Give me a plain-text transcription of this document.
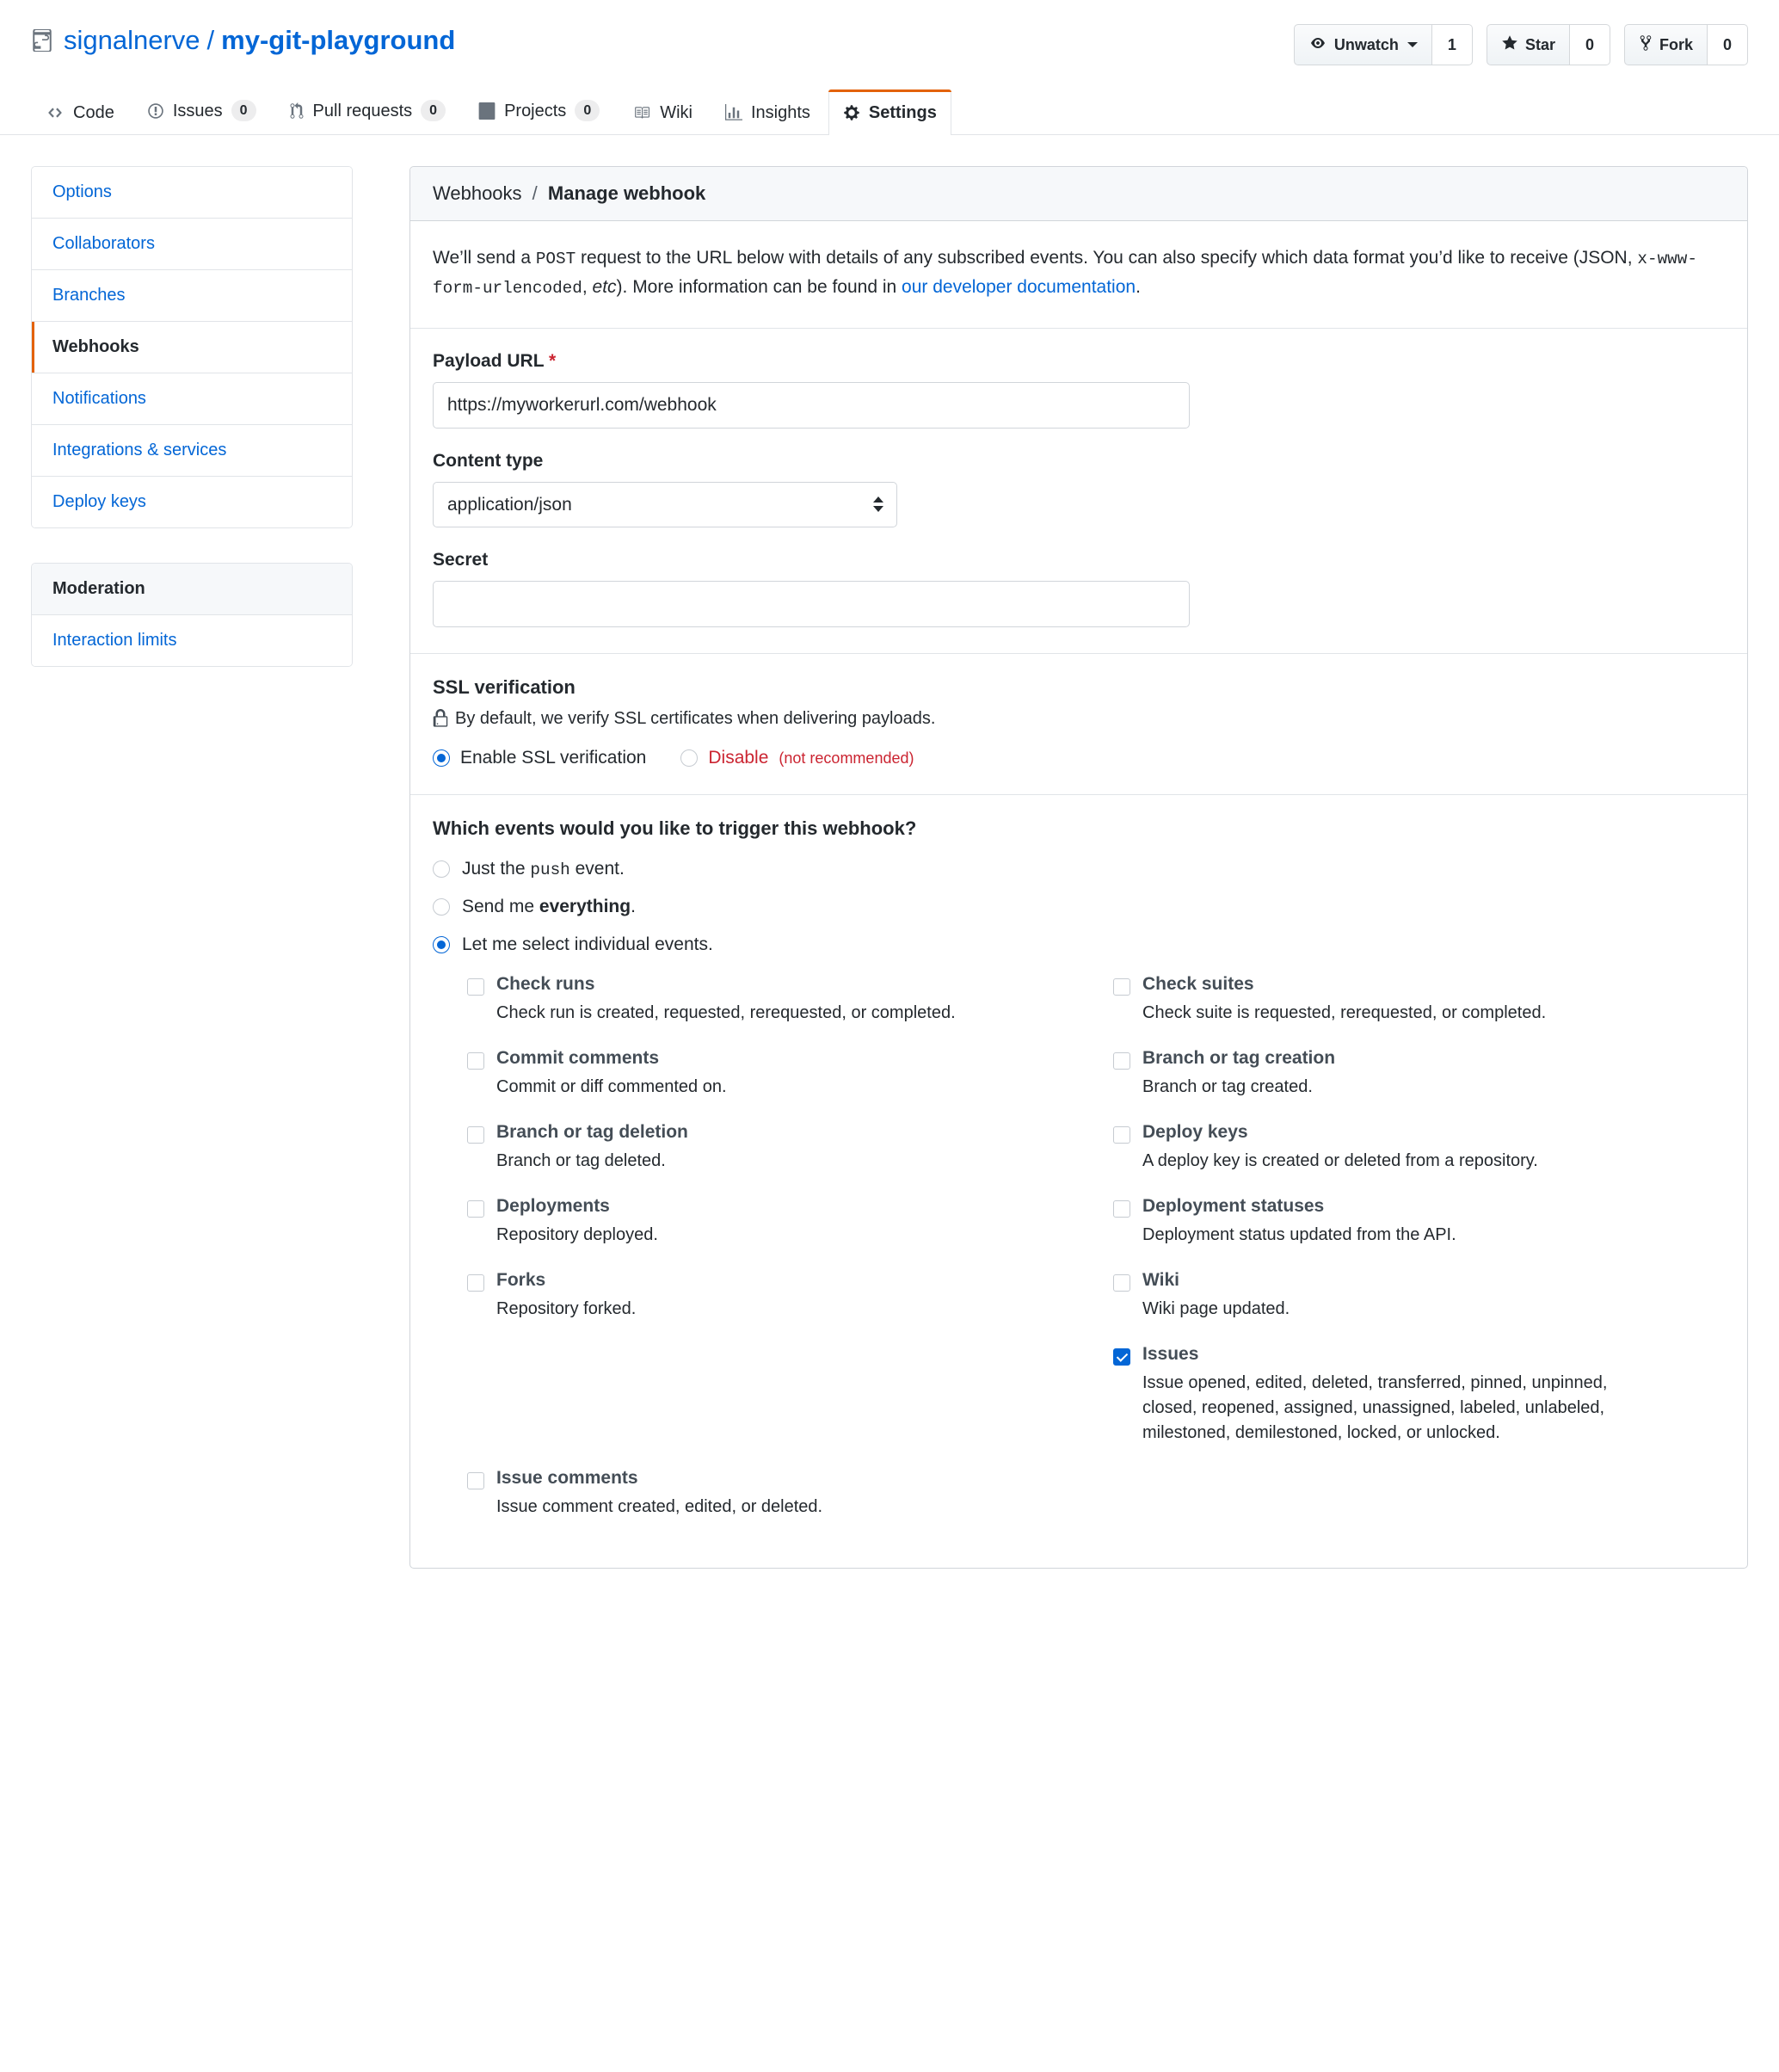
signalnerve / my-git-playground	Unwatch	1	Star	0	Fork	0
Code	Issues	0	Pull requests	0	Projects	0	Wiki	Insights	Settings
Options
Collaborators
Branches
Webhooks
Notifications
Integrations & services
Deploy keys
Moderation
Interaction limits
Webhooks / Manage webhook

We’ll send a POST request to the URL below with details of any subscribed events. You can also specify which data format you’d like to receive (JSON, x-www-form-urlencoded, etc). More information can be found in our developer documentation.

Payload URL *
https://myworkerurl.com/webhook
Content type
application/json
Secret
SSL verification
By default, we verify SSL certificates when delivering payloads.
Enable SSL verification	Disable (not recommended)
Which events would you like to trigger this webhook?
Just the push event.
Send me everything.
Let me select individual events.
Check runs
Check run is created, requested, rerequested, or completed.
Check suites
Check suite is requested, rerequested, or completed.
Commit comments
Commit or diff commented on.
Branch or tag creation
Branch or tag created.
Branch or tag deletion
Branch or tag deleted.
Deploy keys
A deploy key is created or deleted from a repository.
Deployments
Repository deployed.
Deployment statuses
Deployment status updated from the API.
Forks
Repository forked.
Wiki
Wiki page updated.
Issues
Issue opened, edited, deleted, transferred, pinned, unpinned, closed, reopened, assigned, unassigned, labeled, unlabeled, milestoned, demilestoned, locked, or unlocked.
Issue comments
Issue comment created, edited, or deleted.
